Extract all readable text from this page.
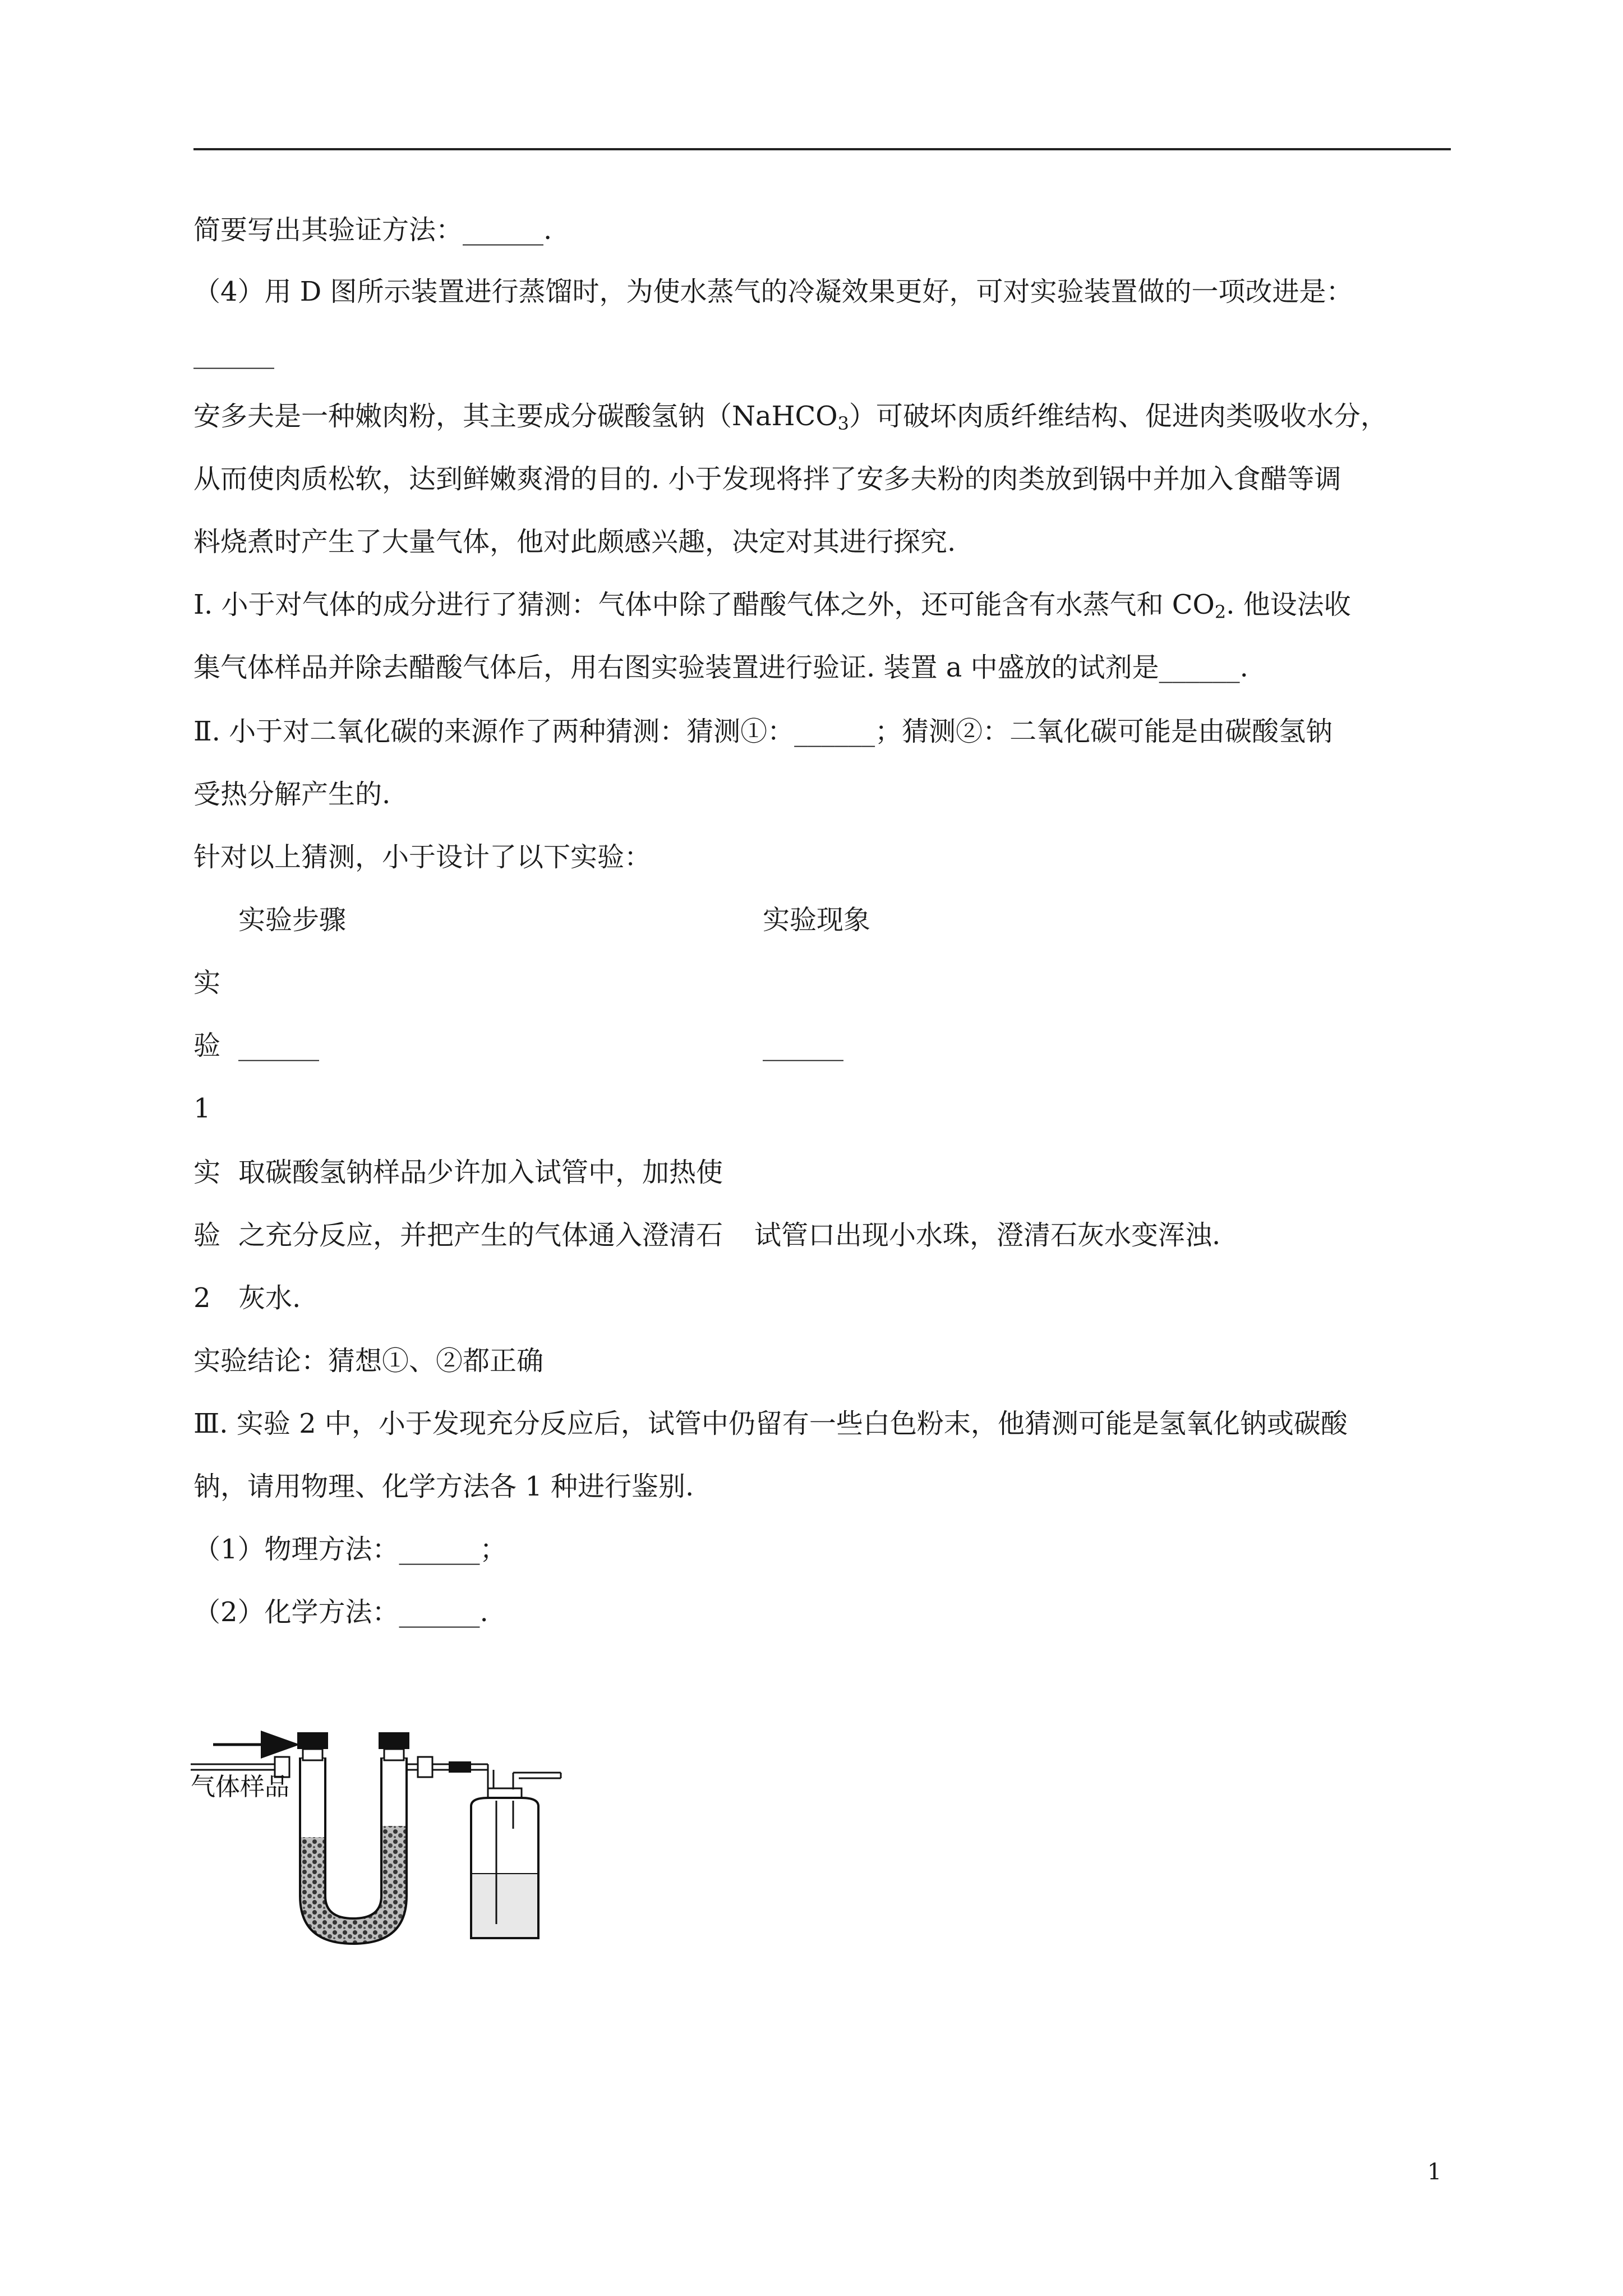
简要写出其验证方法：______.
（4）用 D 图所示装置进行蒸馏时，为使水蒸气的冷凝效果更好，可对实验装置做的一项改进是：
______
安多夫是一种嫩肉粉，其主要成分碳酸氢钠（NaHCO$_3$）可破坏肉质纤维结构、促进肉类吸收水分，
从而使肉质松软，达到鲜嫩爽滑的目的. 小于发现将拌了安多夫粉的肉类放到锅中并加入食醋等调
料烧煮时产生了大量气体，他对此颇感兴趣，决定对其进行探究.
Ⅰ. 小于对气体的成分进行了猜测：气体中除了醋酸气体之外，还可能含有水蒸气和 $CO_2$. 他设法收
集气体样品并除去醋酸气体后，用右图实验装置进行验证. 装置 a 中盛放的试剂是______.
Ⅱ. 小于对二氧化碳的来源作了两种猜测：猜测①：______；猜测②：二氧化碳可能是由碳酸氢钠
受热分解产生的.
针对以上猜测，小于设计了以下实验：
实验步骤	实验现象
实
验
1
______	______
实
验
2
取碳酸氢钠样品少许加入试管中，加热使
之充分反应，并把产生的气体通入澄清石
灰水.
试管口出现小水珠，澄清石灰水变浑浊.
实验结论：猜想①、②都正确
Ⅲ. 实验 2 中，小于发现充分反应后，试管中仍留有一些白色粉末，他猜测可能是氢氧化钠或碳酸
钠，请用物理、化学方法各 1 种进行鉴别.
（1）物理方法：______；
（2）化学方法：______.
气体样品
1
